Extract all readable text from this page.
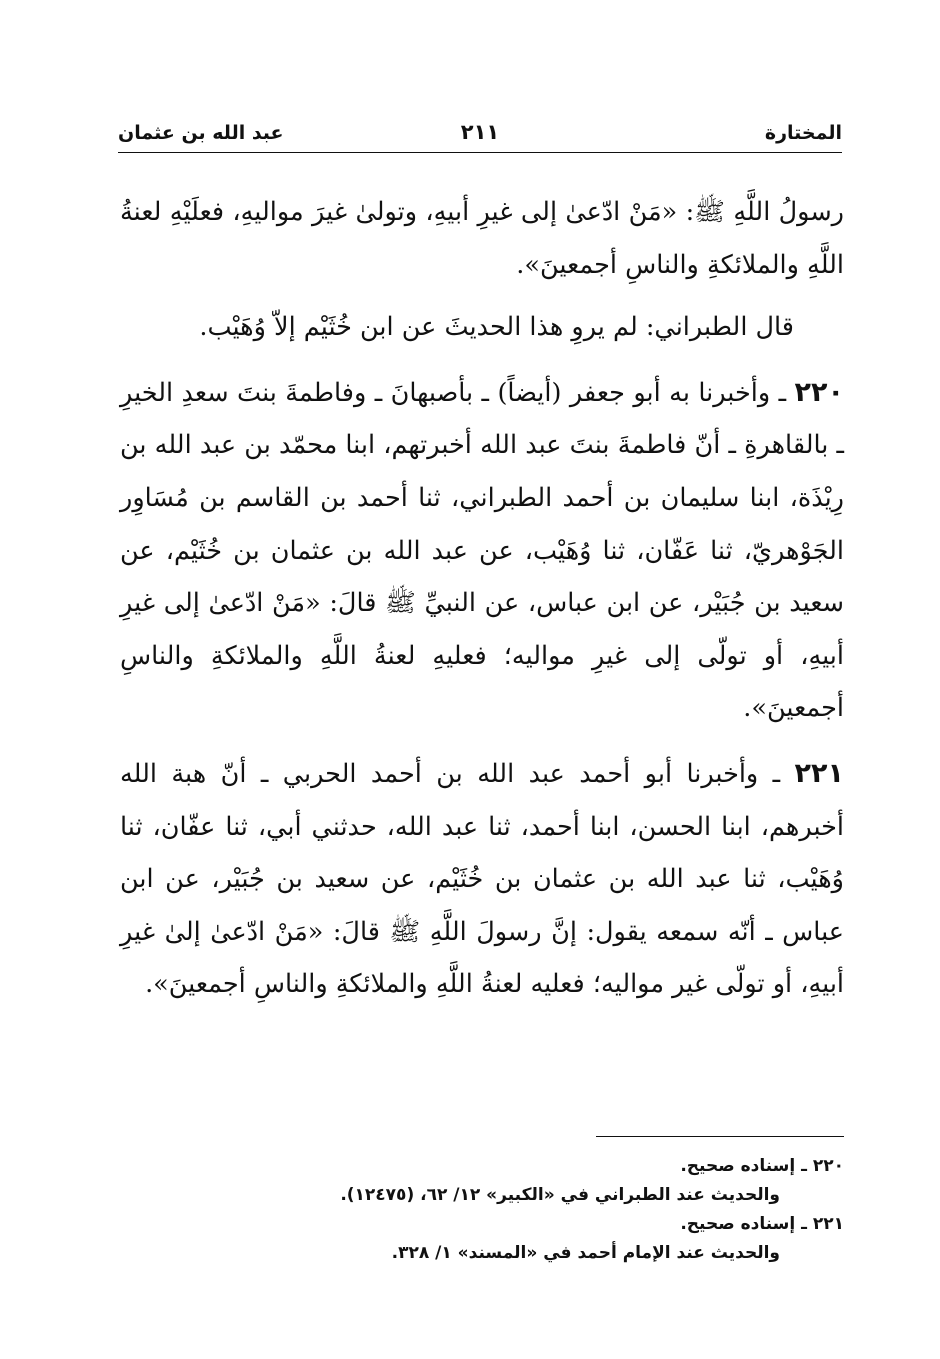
المختارة
٢١١
عبد الله بن عثمان

رسولُ اللَّهِ ﷺ: «مَنْ ادّعىٰ إلى غيرِ أبيهِ، وتولىٰ غيرَ مواليهِ، فعلَيْهِ لعنةُ اللَّهِ والملائكةِ والناسِ أجمعينَ».

قال الطبراني: لم يروِ هذا الحديثَ عن ابن خُثَيْم إلاّ وُهَيْب.

٢٢٠ ـ وأخبرنا به أبو جعفر (أيضاً) ـ بأصبهانَ ـ وفاطمةَ بنتَ سعدِ الخيرِ ـ بالقاهرةِ ـ أنّ فاطمةَ بنتَ عبد الله أخبرتهم، ابنا محمّد بن عبد الله بن رِيْذَة، ابنا سليمان بن أحمد الطبراني، ثنا أحمد بن القاسم بن مُسَاوِر الجَوْهريّ، ثنا عَفّان، ثنا وُهَيْب، عن عبد الله بن عثمان بن خُثَيْم، عن سعيد بن جُبَيْر، عن ابن عباس، عن النبيِّ ﷺ قالَ: «مَنْ ادّعىٰ إلى غيرِ أبيهِ، أو تولّى إلى غيرِ مواليه؛ فعليهِ لعنةُ اللَّهِ والملائكةِ والناسِ أجمعينَ».

٢٢١ ـ وأخبرنا أبو أحمد عبد الله بن أحمد الحربي ـ أنّ هبة الله أخبرهم، ابنا الحسن، ابنا أحمد، ثنا عبد الله، حدثني أبي، ثنا عفّان، ثنا وُهَيْب، ثنا عبد الله بن عثمان بن خُثَيْم، عن سعيد بن جُبَيْر، عن ابن عباس ـ أنّه سمعه يقول: إنَّ رسولَ اللَّهِ ﷺ قالَ: «مَنْ ادّعىٰ إلىٰ غيرِ أبيهِ، أو تولّى غير مواليه؛ فعليه لعنةُ اللَّهِ والملائكةِ والناسِ أجمعينَ».

٢٢٠ ـ إسناده صحيح.

والحديث عند الطبراني في «الكبير» ١٢/ ٦٢، (١٢٤٧٥).

٢٢١ ـ إسناده صحيح.

والحديث عند الإمام أحمد في «المسند» ١/ ٣٢٨.
